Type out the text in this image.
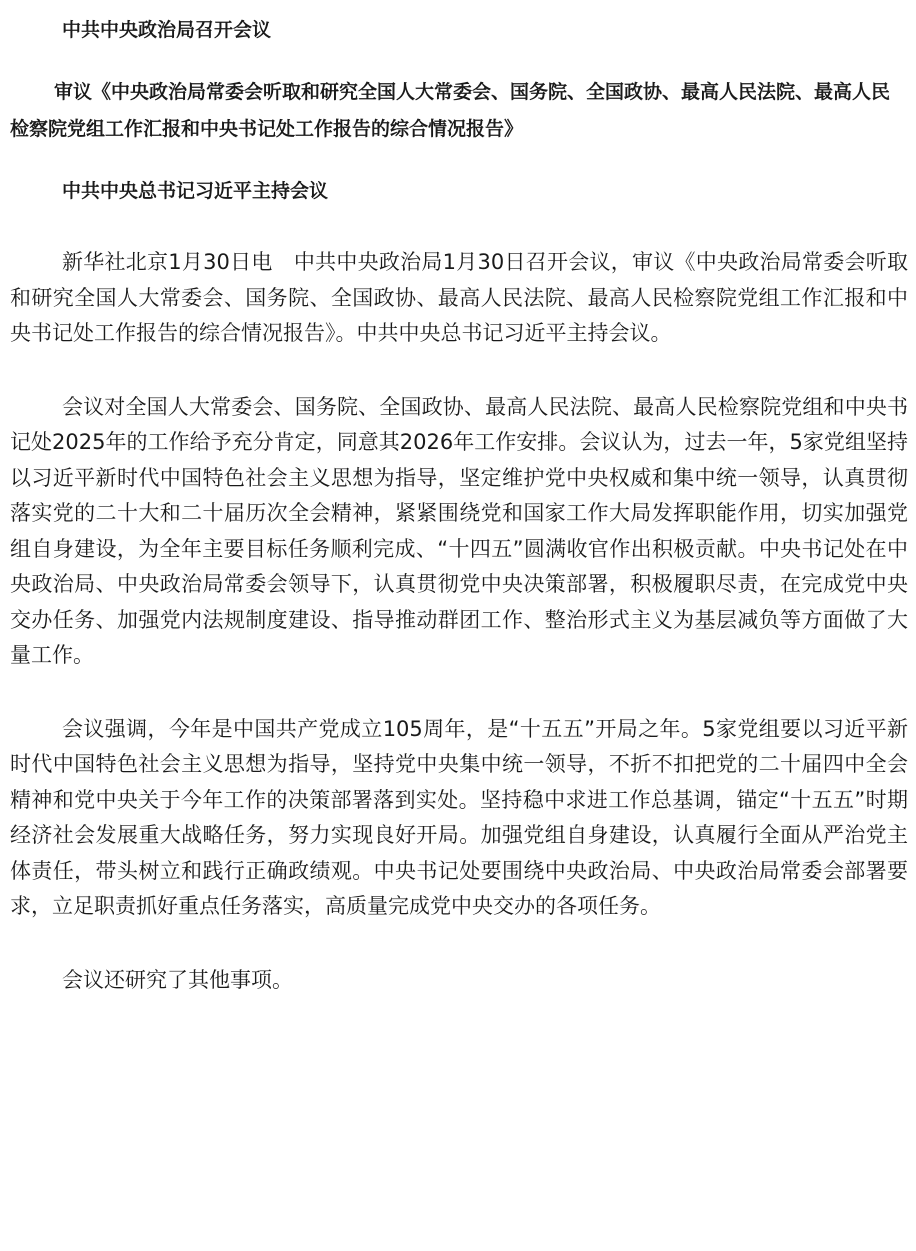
中共中央政治局召开会议

审议《中央政治局常委会听取和研究全国人大常委会、国务院、全国政协、最高人民法院、最高人民检察院党组工作汇报和中央书记处工作报告的综合情况报告》

中共中央总书记习近平主持会议

新华社北京1月30日电　中共中央政治局1月30日召开会议，审议《中央政治局常委会听取和研究全国人大常委会、国务院、全国政协、最高人民法院、最高人民检察院党组工作汇报和中央书记处工作报告的综合情况报告》。中共中央总书记习近平主持会议。

会议对全国人大常委会、国务院、全国政协、最高人民法院、最高人民检察院党组和中央书记处2025年的工作给予充分肯定，同意其2026年工作安排。会议认为，过去一年，5家党组坚持以习近平新时代中国特色社会主义思想为指导，坚定维护党中央权威和集中统一领导，认真贯彻落实党的二十大和二十届历次全会精神，紧紧围绕党和国家工作大局发挥职能作用，切实加强党组自身建设，为全年主要目标任务顺利完成、“十四五”圆满收官作出积极贡献。中央书记处在中央政治局、中央政治局常委会领导下，认真贯彻党中央决策部署，积极履职尽责，在完成党中央交办任务、加强党内法规制度建设、指导推动群团工作、整治形式主义为基层减负等方面做了大量工作。

会议强调，今年是中国共产党成立105周年，是“十五五”开局之年。5家党组要以习近平新时代中国特色社会主义思想为指导，坚持党中央集中统一领导，不折不扣把党的二十届四中全会精神和党中央关于今年工作的决策部署落到实处。坚持稳中求进工作总基调，锚定“十五五”时期经济社会发展重大战略任务，努力实现良好开局。加强党组自身建设，认真履行全面从严治党主体责任，带头树立和践行正确政绩观。中央书记处要围绕中央政治局、中央政治局常委会部署要求，立足职责抓好重点任务落实，高质量完成党中央交办的各项任务。

会议还研究了其他事项。
